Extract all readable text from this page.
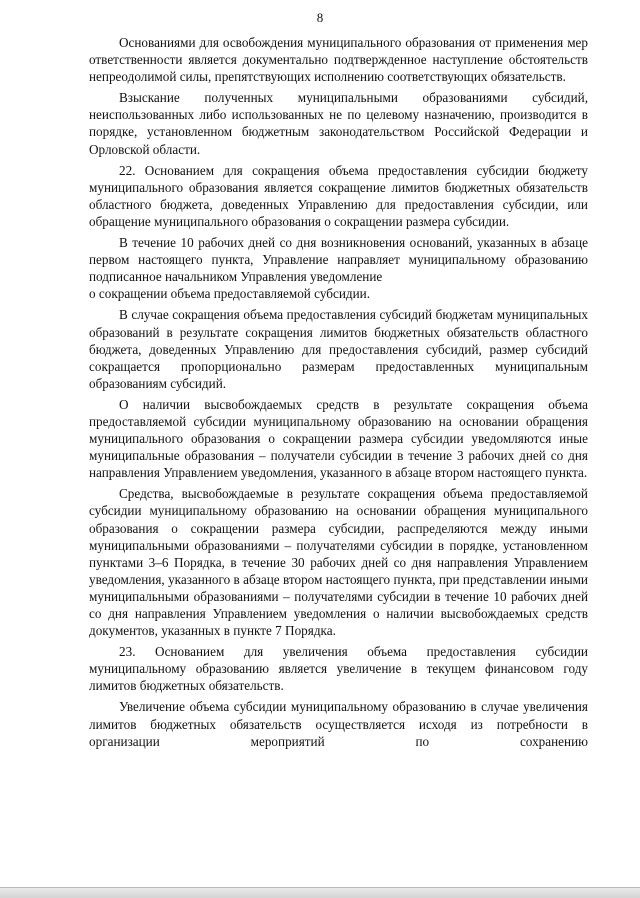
8

Основаниями для освобождения муниципального образования от применения мер ответственности является документально подтвержденное наступление обстоятельств непреодолимой силы, препятствующих исполнению соответствующих обязательств.

Взыскание полученных муниципальными образованиями субсидий, неиспользованных либо использованных не по целевому назначению, производится в порядке, установленном бюджетным законодательством Российской Федерации и Орловской области.

22. Основанием для сокращения объема предоставления субсидии бюджету муниципального образования является сокращение лимитов бюджетных обязательств областного бюджета, доведенных Управлению для предоставления субсидии, или обращение муниципального образования о сокращении размера субсидии.

В течение 10 рабочих дней со дня возникновения оснований, указанных в абзаце первом настоящего пункта, Управление направляет муниципальному образованию подписанное начальником Управления уведомление

о сокращении объема предоставляемой субсидии.

В случае сокращения объема предоставления субсидий бюджетам муниципальных образований в результате сокращения лимитов бюджетных обязательств областного бюджета, доведенных Управлению для предоставления субсидий, размер субсидий сокращается пропорционально размерам предоставленных муниципальным образованиям субсидий.

О наличии высвобождаемых средств в результате сокращения объема предоставляемой субсидии муниципальному образованию на основании обращения муниципального образования о сокращении размера субсидии уведомляются иные муниципальные образования – получатели субсидии в течение 3 рабочих дней со дня направления Управлением уведомления, указанного в абзаце втором настоящего пункта.

Средства, высвобождаемые в результате сокращения объема предоставляемой субсидии муниципальному образованию на основании обращения муниципального образования о сокращении размера субсидии, распределяются между иными муниципальными образованиями – получателями субсидии в порядке, установленном пунктами 3–6 Порядка, в течение 30 рабочих дней со дня направления Управлением уведомления, указанного в абзаце втором настоящего пункта, при представлении иными муниципальными образованиями – получателями субсидии в течение 10 рабочих дней со дня направления Управлением уведомления о наличии высвобождаемых средств документов, указанных в пункте 7 Порядка.

23. Основанием для увеличения объема предоставления субсидии муниципальному образованию является увеличение в текущем финансовом году лимитов бюджетных обязательств.

Увеличение объема субсидии муниципальному образованию в случае увеличения лимитов бюджетных обязательств осуществляется исходя из потребности в организации мероприятий по сохранению
